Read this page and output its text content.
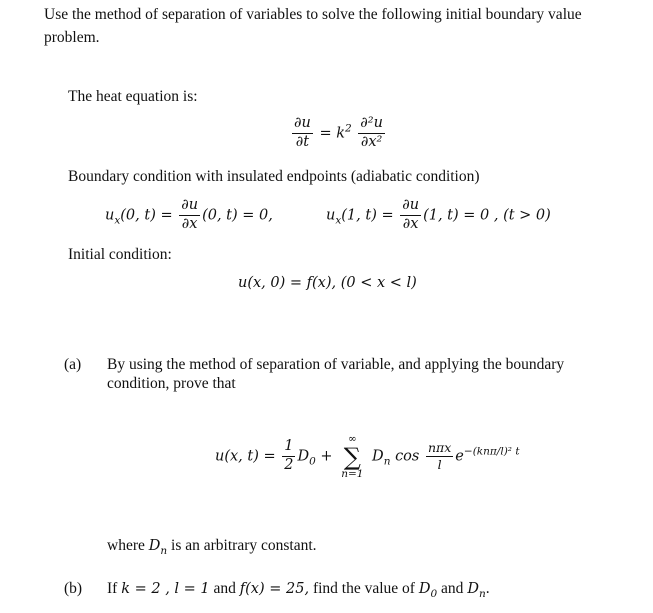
Use the method of separation of variables to solve the following initial boundary value
problem.
The heat equation is:
$\frac{\partial u}{\partial t} = k^2 \frac{\text{∂²u}}{\text{∂x²}}$
Boundary condition with insulated endpoints (adiabatic condition)
$u_x(0$, $t) = \frac{\partial u}{\partial x} (0$, t) = 0,	$u_x(1$, $t) = \frac{\partial u}{\partial x} (1$, t) = 0 , (t > 0)
Initial condition:
u(x, 0) = f(x), (0 < x < l)
(a) By using the method of separation of variable, and applying the boundary
condition, prove that
u(x, $t) = \frac{1}{2} D_0$ +
∞
∑
n=1
$D_n$ $\cos \frac{\text{nπx}}{l} e^{-(kn\pi/l)^2 t}$
where $D_n$ is an arbitrary constant.
(b) If k = 2 , l = 1 and f(x) = 25, find the value of $D_0$ and $D_n$.
